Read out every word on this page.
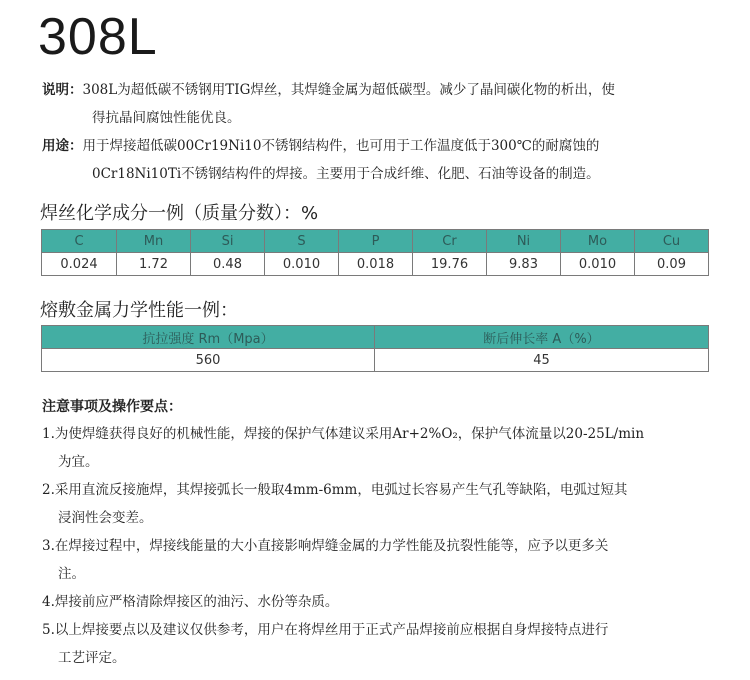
308L
说明：308L为超低碳不锈钢用TIG焊丝，其焊缝金属为超低碳型。减少了晶间碳化物的析出，使
得抗晶间腐蚀性能优良。
用途：用于焊接超低碳00Cr19Ni10不锈钢结构件，也可用于工作温度低于300℃的耐腐蚀的
0Cr18Ni10Ti不锈钢结构件的焊接。主要用于合成纤维、化肥、石油等设备的制造。
焊丝化学成分一例（质量分数）：%
C	Mn	Si	S	P	Cr	Ni	Mo	Cu
0.024	1.72	0.48	0.010	0.018	19.76	9.83	0.010	0.09
熔敷金属力学性能一例：
抗拉强度 Rm（Mpa）	断后伸长率 A（%）
560	45
注意事项及操作要点：
1.为使焊缝获得良好的机械性能，焊接的保护气体建议采用Ar+2%O₂，保护气体流量以20-25L/min
为宜。
2.采用直流反接施焊，其焊接弧长一般取4mm-6mm，电弧过长容易产生气孔等缺陷，电弧过短其
浸润性会变差。
3.在焊接过程中，焊接线能量的大小直接影响焊缝金属的力学性能及抗裂性能等，应予以更多关
注。
4.焊接前应严格清除焊接区的油污、水份等杂质。
5.以上焊接要点以及建议仅供参考，用户在将焊丝用于正式产品焊接前应根据自身焊接特点进行
工艺评定。
